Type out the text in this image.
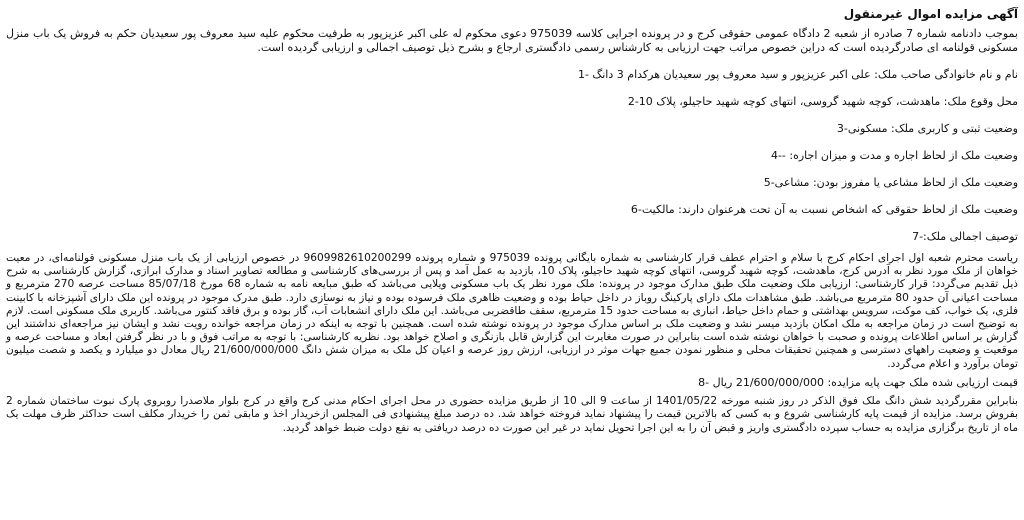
آگهی مزایده اموال غیرمنقول

بموجب دادنامه شماره 7 صادره از شعبه 2 دادگاه عمومی حقوقی کرج و در پرونده اجرایی کلاسه 975039 دعوی محکوم له علی اکبر عزیزپور به طرفیت محکوم علیه سید معروف پور سعیدیان حکم به فروش یک باب منزل مسکونی قولنامه ای صادرگردیده است که دراین خصوص مراتب جهت ارزیابی به کارشناس رسمی دادگستری ارجاع و بشرح ذیل توصیف اجمالی و ارزیابی گردیده است.

نام و نام خانوادگی صاحب ملک: علی اکبر عزیزپور و سید معروف پور سعیدیان هرکدام 3 دانگ -1

محل وقوع ملک: ماهدشت، کوچه شهید گروسی، انتهای کوچه شهید حاجیلو، پلاک 10-2

وضعیت ثبتی و کاربری ملک: مسکونی-3

وضعیت ملک از لحاظ اجاره و مدت و میزان اجاره: --4

وضعیت ملک از لحاظ مشاعی یا مفروز بودن: مشاعی-5

وضعیت ملک از لحاظ حقوقی که اشخاص نسبت به آن تحت هرعنوان دارند: مالکیت-6

توصیف اجمالی ملک:-7

ریاست محترم شعبه اول اجرای احکام کرج با سلام و احترام عطف قرار کارشناسی به شماره بایگانی پرونده 975039 و شماره پرونده 9609982610200299 در خصوص ارزیابی از یک باب منزل مسکونی قولنامه‌ای، در معیت خواهان از ملک مورد نظر به آدرس کرج، ماهدشت، کوچه شهید گروسی، انتهای کوچه شهید حاجیلو، پلاک 10، بازدید به عمل آمد و پس از بررسی‌های کارشناسی و مطالعه تصاویر اسناد و مدارک ابرازی، گزارش کارشناسی به شرح ذیل تقدیم می‌گردد: قرار کارشناسی: ارزیابی ملک وضعیت ملک طبق مدارک موجود در پرونده: ملک مورد نظر یک باب مسکونی ویلایی می‌باشد که طبق مبایعه نامه به شماره 68 مورخ 85/07/18 مساحت عرصه 270 مترمربع و مساحت اعیانی آن حدود 80 مترمربع می‌باشد. طبق مشاهدات ملک دارای پارکینگ روباز در داخل حیاط بوده و وضعیت ظاهری ملک فرسوده بوده و نیاز به نوسازی دارد. طبق مدرک موجود در پرونده این ملک دارای آشپزخانه با کابینت فلزی، یک خواب، کف موکت، سرویس بهداشتی و حمام داخل حیاط، انباری به مساحت حدود 15 مترمربع، سقف طاقضربی می‌باشد. این ملک دارای انشعابات آب، گاز بوده و برق فاقد کنتور می‌باشد. کاربری ملک مسکونی است. لازم به توضیح است در زمان مراجعه به ملک امکان بازدید میسر نشد و وضعیت ملک بر اساس مدارک موجود در پرونده نوشته شده است. همچنین با توجه به اینکه در زمان مراجعه خوانده رویت نشد و ایشان نیز مراجعه‌ای نداشتند این گزارش بر اساس اطلاعات پرونده و صحبت با خواهان نوشته شده است بنابراین در صورت مغایرت این گزارش قابل بازنگری و اصلاح خواهد بود. نظریه کارشناسی: با توجه به مراتب فوق و با در نظر گرفتن ابعاد و مساحت عرصه و موقعیت و وضعیت راههای دسترسی و همچنین تحقیقات محلی و منظور نمودن جمیع جهات موثر در ارزیابی، ارزش روز عرصه و اعیان کل ملک به میزان شش دانگ 21/600/000/000 ریال معادل دو میلیارد و یکصد و شصت میلیون تومان برآورد و اعلام می‌گردد.

قیمت ارزیابی شده ملک جهت پایه مزایده: 21/600/000/000 ریال -8

بنابراین مقررگردید شش دانگ ملک فوق الذکر در روز شنبه مورخه 1401/05/22 از ساعت 9 الی 10 از طریق مزایده حضوری در محل اجرای احکام مدنی کرج واقع در کرج بلوار ملاصدرا روبروی پارک نبوت ساختمان شماره 2 بفروش برسد. مزایده از قیمت پایه کارشناسی شروع و به کسی که بالاترین قیمت را پیشنهاد نماید فروخته خواهد شد. ده درصد مبلغ پیشنهادی فی المجلس ازخریدار اخذ و مابقی ثمن را خریدار مکلف است حداکثر ظرف مهلت یک ماه از تاریخ برگزاری مزایده به حساب سپرده دادگستری واریز و قبض آن را به این اجرا تحویل نماید در غیر این صورت ده درصد دریافتی به نفع دولت ضبط خواهد گردید.
